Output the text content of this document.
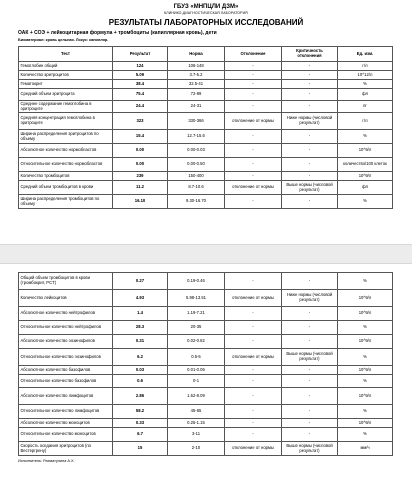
ГБУЗ «МНПЦЛИ ДЗМ»
КЛИНИКО-ДИАГНОСТИЧЕСКАЯ ЛАБОРАТОРИЯ
РЕЗУЛЬТАТЫ ЛАБОРАТОРНЫХ ИССЛЕДОВАНИЙ
ОАК + СОЭ + лейкоцитарная формула + тромбоциты (капиллярная кровь), дети
Биоматериал: кровь цельная. Локус: капилляр.
Тест	Результат	Норма	Отклонение	Критичность отклонения	Ед. изм.
Гемоглобин общий	124	106-148	-	-	г/л
Количество эритроцитов	5.09	3.7-5.2	-	-	10^12/л
Гематокрит	38.4	32.5-41	-	-	%
Средний объем эритроцита	75.4	72-89	-	-	фл
Среднее содержание гемоглобина в эритроците	24.4	24-31	-	-	пг
Средняя концентрация гемоглобина в эритроците	323	330-366	отклонение от нормы	Ниже нормы (числовой результат)	г/л
Ширина распределения эритроцитов по объему	15.4	12.7-15.6	-	-	%
Абсолютное количество нормобластов	0.00	0.00-0.03	-	-	10^9/л
Относительное количество нормобластов	0.00	0.00-0.50	-	-	количество/100 клеток
Количество тромбоцитов	239	150-400	-	-	10^9/л
Средний объем тромбоцитов в крови	11.2	8.7-10.6	отклонение от нормы	Выше нормы (числовой результат)	фл
Ширина распределения тромбоцитов по объему	16.10	9.30-16.70	-	-	%
Общий объем тромбоцитов в крови (тромбокрит, PCT)	0.27	0.19-0.46	-	-	%
Количество лейкоцитов	4.93	5.98-13.51	отклонение от нормы	Ниже нормы (числовой результат)	10^9/л
Абсолютное количество нейтрофилов	1.4	1.19-7.21	-	-	10^9/л
Относительное количество нейтрофилов	28.3	20-35	-	-	%
Абсолютное количество эозинофилов	0.31	0.02-0.82	-	-	10^9/л
Относительное количество эозинофилов	6.2	0.5-5	отклонение от нормы	Выше нормы (числовой результат)	%
Абсолютное количество базофилов	0.03	0.01-0.06	-	-	10^9/л
Относительное количество базофилов	0.6	0-1	-	-	%
Абсолютное количество лимфоцитов	2.86	1.52-8.09	-	-	10^9/л
Относительное количество лимфоцитов	58.2	45-65	-	-	%
Абсолютное количество моноцитов	0.33	0.25-1.15	-	-	10^9/л
Относительное количество моноцитов	6.7	3-11	-	-	%
Скорость оседания эритроцитов (по Вестергрену)	15	2-10	отклонение от нормы	Выше нормы (числовой результат)	мм/ч
Исполнитель: Рахматулина А.Х.
